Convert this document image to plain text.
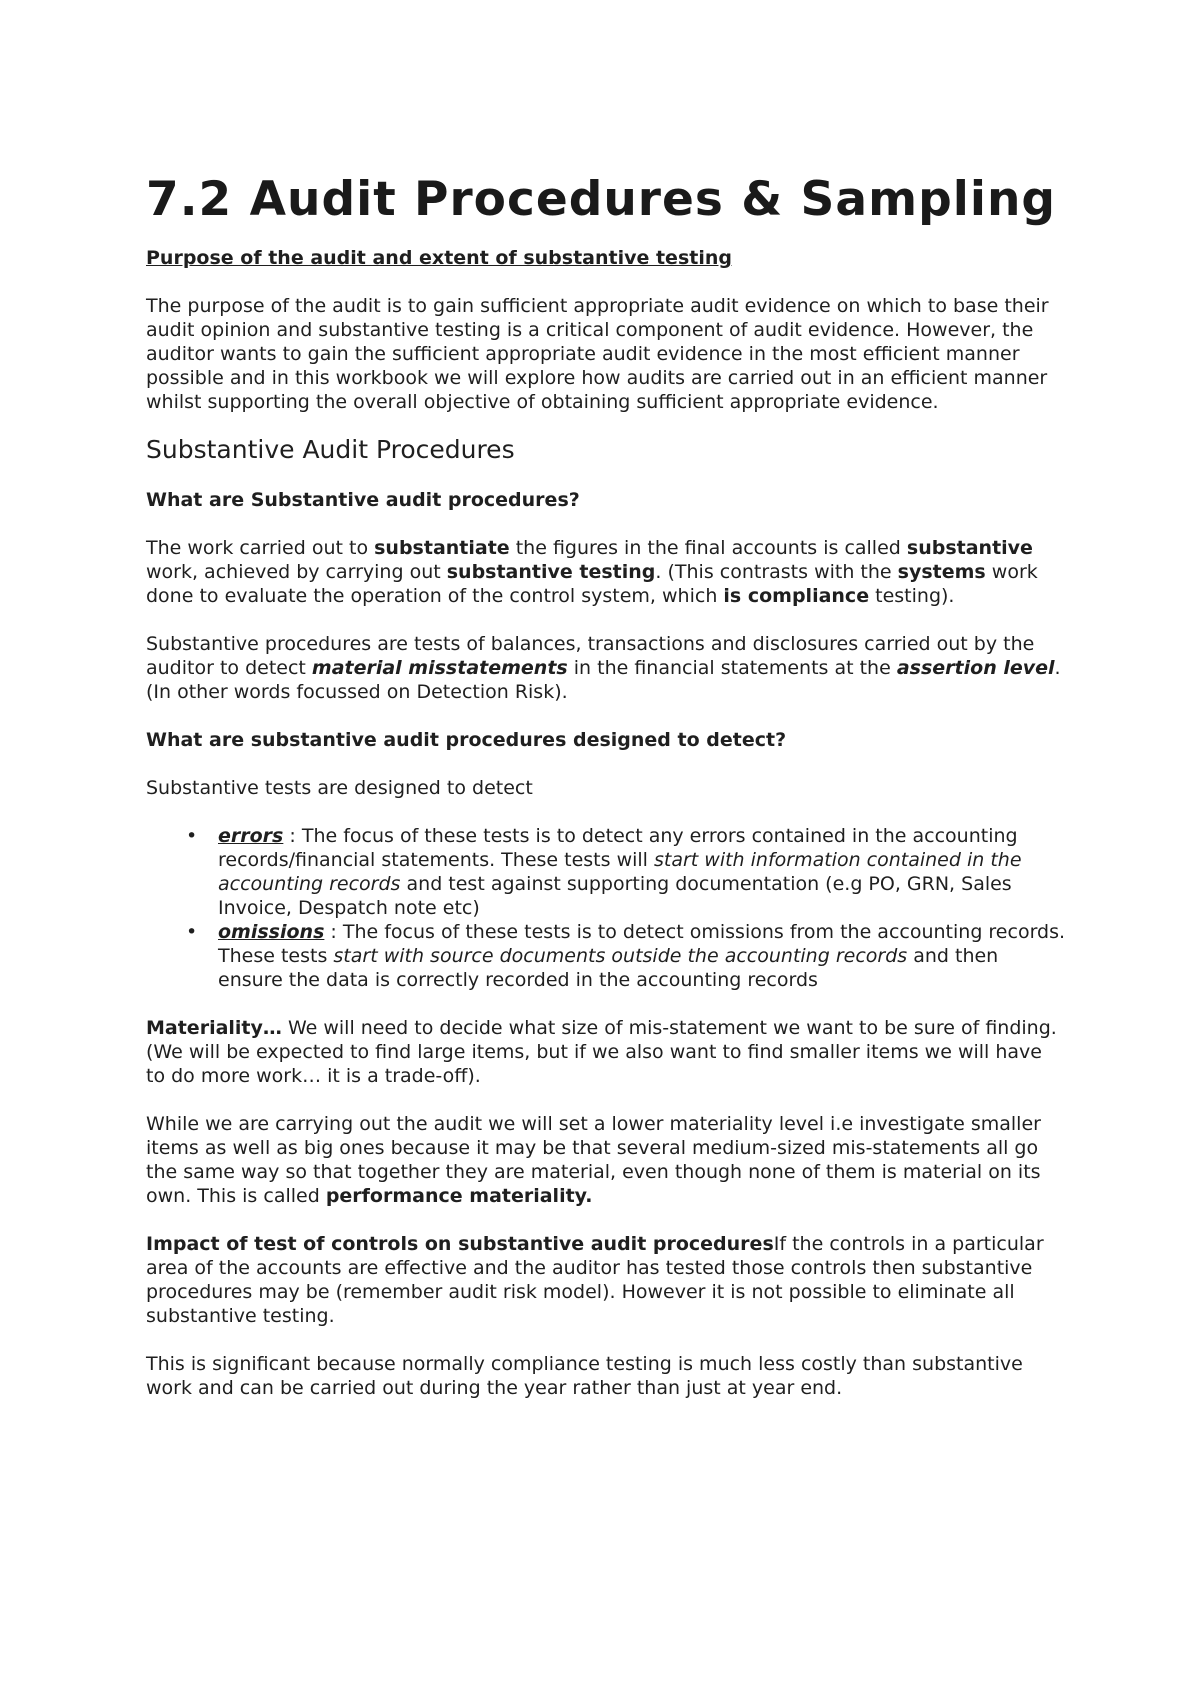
7.2 Audit Procedures & Sampling

Purpose of the audit and extent of substantive testing

The purpose of the audit is to gain sufficient appropriate audit evidence on which to base their audit opinion and substantive testing is a critical component of audit evidence. However, the auditor wants to gain the sufficient appropriate audit evidence in the most efficient manner possible and in this workbook we will explore how audits are carried out in an efficient manner whilst supporting the overall objective of obtaining sufficient appropriate evidence.

Substantive Audit Procedures
What are Substantive audit procedures?

The work carried out to substantiate the figures in the final accounts is called substantive work, achieved by carrying out substantive testing. (This contrasts with the systems work done to evaluate the operation of the control system, which is compliance testing).

Substantive procedures are tests of balances, transactions and disclosures carried out by the auditor to detect material misstatements in the financial statements at the assertion level. (In other words focussed on Detection Risk).

What are substantive audit procedures designed to detect?

Substantive tests are designed to detect

• errors : The focus of these tests is to detect any errors contained in the accounting records/financial statements. These tests will start with information contained in the accounting records and test against supporting documentation (e.g PO, GRN, Sales Invoice, Despatch note etc)
• omissions : The focus of these tests is to detect omissions from the accounting records. These tests start with source documents outside the accounting records and then ensure the data is correctly recorded in the accounting records

Materiality… We will need to decide what size of mis-statement we want to be sure of finding. (We will be expected to find large items, but if we also want to find smaller items we will have to do more work… it is a trade-off).

While we are carrying out the audit we will set a lower materiality level i.e investigate smaller items as well as big ones because it may be that several medium-sized mis-statements all go the same way so that together they are material, even though none of them is material on its own. This is called performance materiality.

Impact of test of controls on substantive audit proceduresIf the controls in a particular area of the accounts are effective and the auditor has tested those controls then substantive procedures may be (remember audit risk model). However it is not possible to eliminate all substantive testing.

This is significant because normally compliance testing is much less costly than substantive work and can be carried out during the year rather than just at year end.
